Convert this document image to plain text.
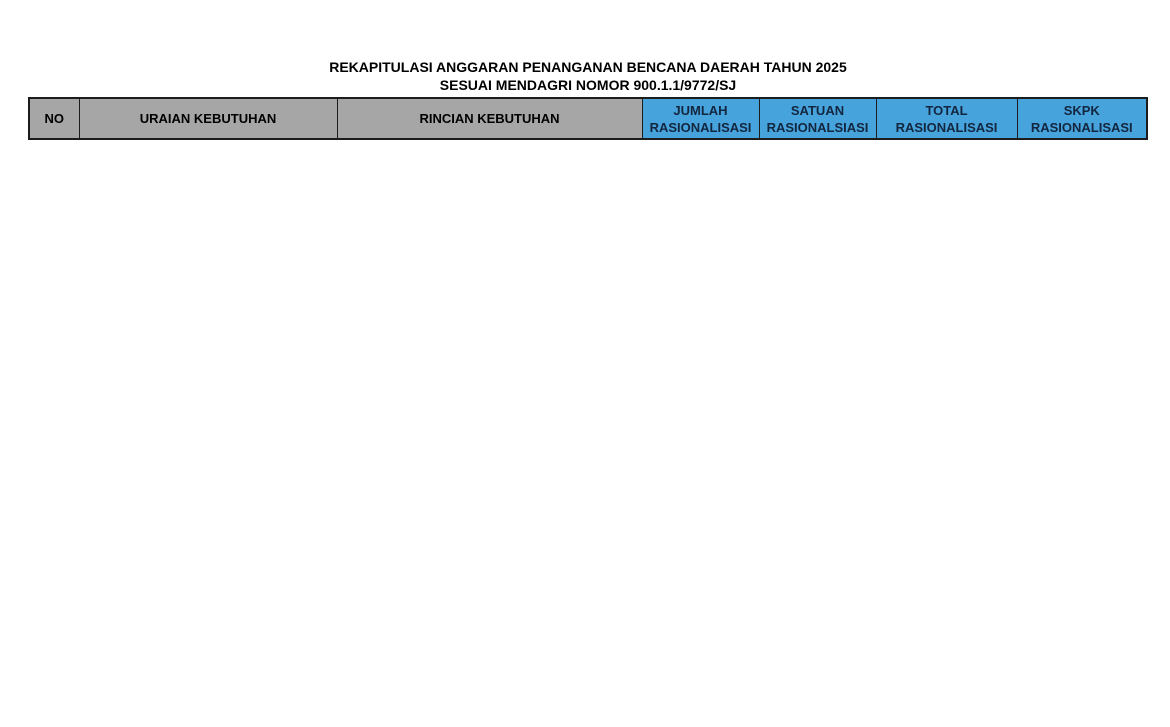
REKAPITULASI ANGGARAN PENANGANAN BENCANA DAERAH TAHUN 2025
SESUAI MENDAGRI NOMOR 900.1.1/9772/SJ
NO	URAIAN KEBUTUHAN	RINCIAN KEBUTUHAN	JUMLAH RASIONALISASI	SATUAN RASIONALSIASI	TOTAL RASIONALISASI	SKPK RASIONALISASI
